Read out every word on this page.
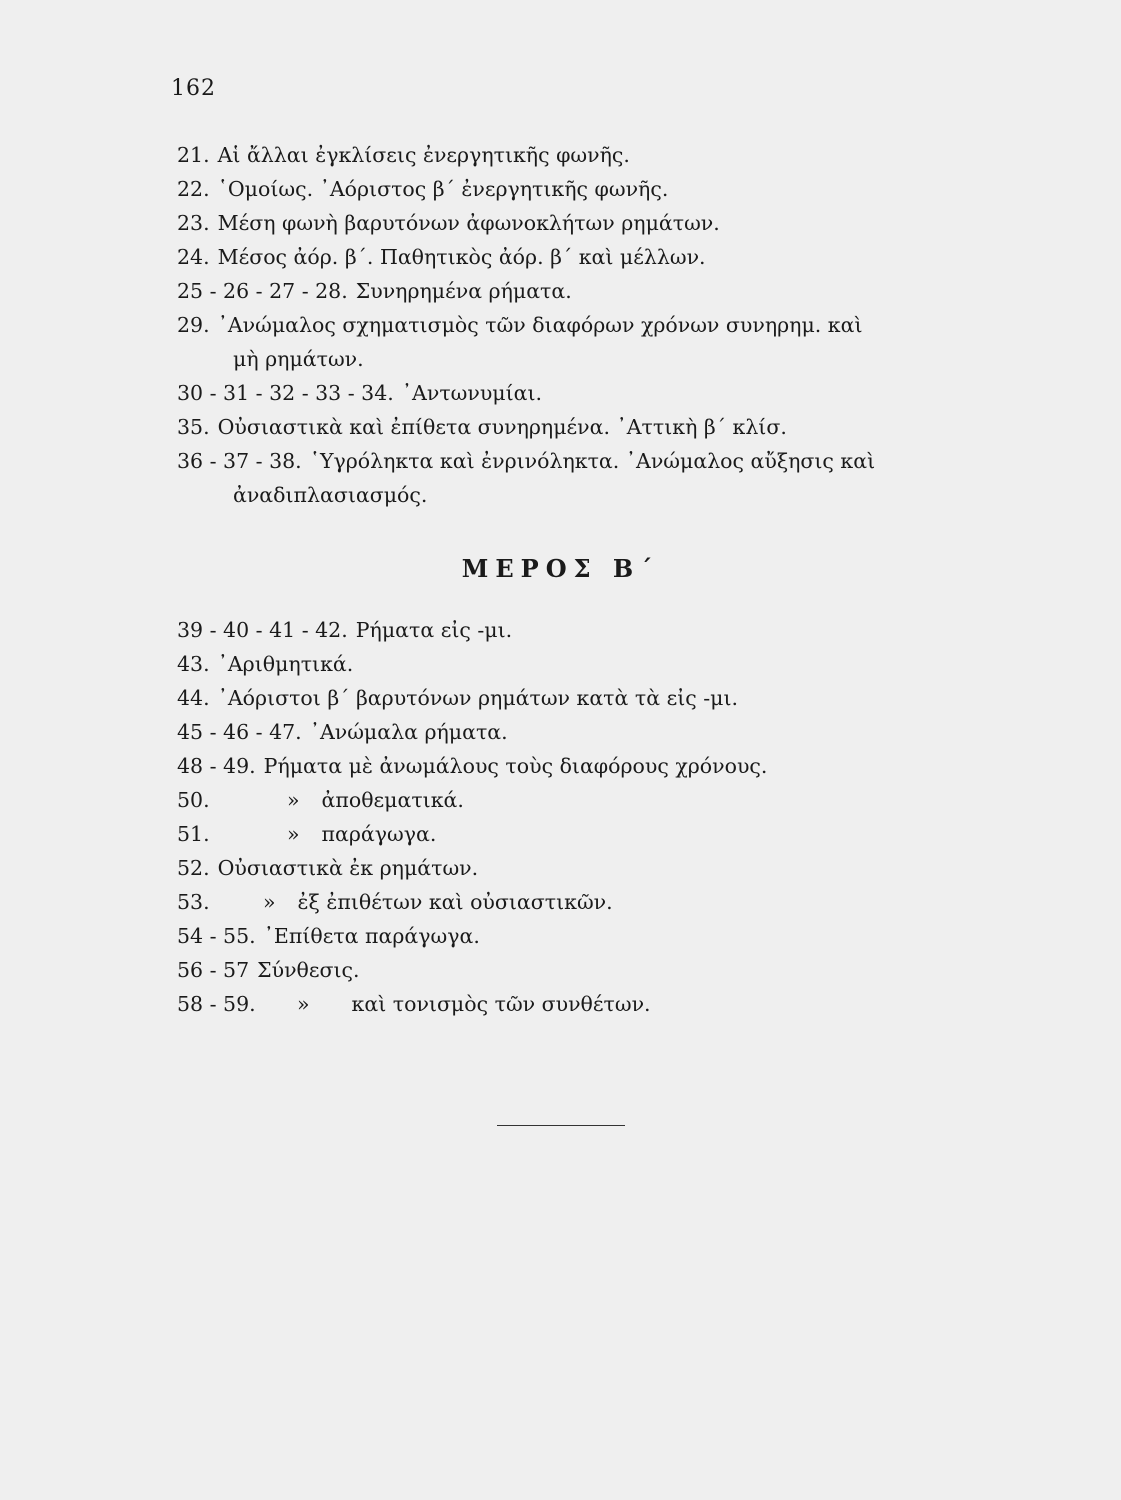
162
21. Αἱ ἄλλαι ἐγκλίσεις ἐνεργητικῆς φωνῆς.
22. ῾Ομοίως. ᾿Αόριστος β΄ ἐνεργητικῆς φωνῆς.
23. Μέση φωνὴ βαρυτόνων ἀφωνοκλήτων ρημάτων.
24. Μέσος ἀόρ. β΄. Παθητικὸς ἀόρ. β΄ καὶ μέλλων.
25 - 26 - 27 - 28. Συνηρημένα ρήματα.
29. ᾿Ανώμαλος σχηματισμὸς τῶν διαφόρων χρόνων συνηρημ. καὶ
μὴ ρημάτων.
30 - 31 - 32 - 33 - 34. ᾿Αντωνυμίαι.
35. Οὐσιαστικὰ καὶ ἐπίθετα συνηρημένα. ᾿Αττικὴ β΄ κλίσ.
36 - 37 - 38. ῾Υγρόληκτα καὶ ἐνρινόληκτα. ᾿Ανώμαλος αὔξησις καὶ
ἀναδιπλασιασμός.
ΜΕΡΟΣ Β΄
39 - 40 - 41 - 42. Ρήματα εἰς -μι.
43. ᾿Αριθμητικά.
44. ᾿Αόριστοι β΄ βαρυτόνων ρημάτων κατὰ τὰ εἰς -μι.
45 - 46 - 47. ᾿Ανώμαλα ρήματα.
48 - 49. Ρήματα μὲ ἀνωμάλους τοὺς διαφόρους χρόνους.
50.	» ἀποθεματικά.
51.	» παράγωγα.
52. Οὐσιαστικὰ ἐκ ρημάτων.
53.	» ἐξ ἐπιθέτων καὶ οὐσιαστικῶν.
54 - 55. ᾿Επίθετα παράγωγα.
56 - 57 Σύνθεσις.
58 - 59. » καὶ τονισμὸς τῶν συνθέτων.
